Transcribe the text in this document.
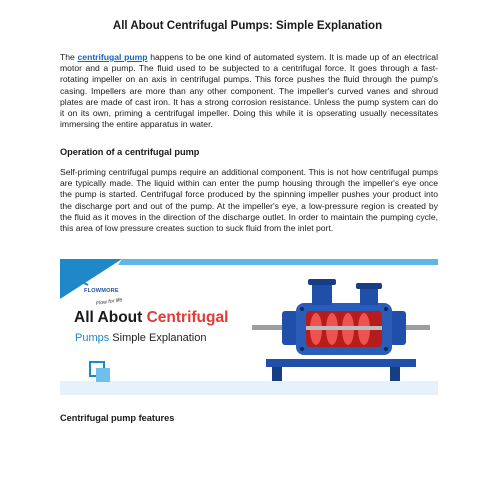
All About Centrifugal Pumps: Simple Explanation

The centrifugal pump happens to be one kind of automated system. It is made up of an electrical motor and a pump. The fluid used to be subjected to a centrifugal force. It goes through a fast-rotating impeller on an axis in centrifugal pumps. This force pushes the fluid through the pump's casing. Impellers are more than any other component. The impeller's curved vanes and shroud plates are made of cast iron. It has a strong corrosion resistance. Unless the pump system can do it on its own, priming a centrifugal impeller. Doing this while it is opserating usually necessitates immersing the entire apparatus in water.

Operation of a centrifugal pump

Self-priming centrifugal pumps require an additional component. This is not how centrifugal pumps are typically made. The liquid within can enter the pump housing through the impeller's eye once the pump is started. Centrifugal force produced by the spinning impeller pushes your product into the discharge port and out of the pump. At the impeller's eye, a low-pressure region is created by the fluid as it moves in the direction of the discharge outlet. In order to maintain the pumping cycle, this area of low pressure creates suction to suck fluid from the inlet port.

FLOWMORE
Flow for life
All About Centrifugal
Pumps Simple Explanation
Centrifugal pump features
